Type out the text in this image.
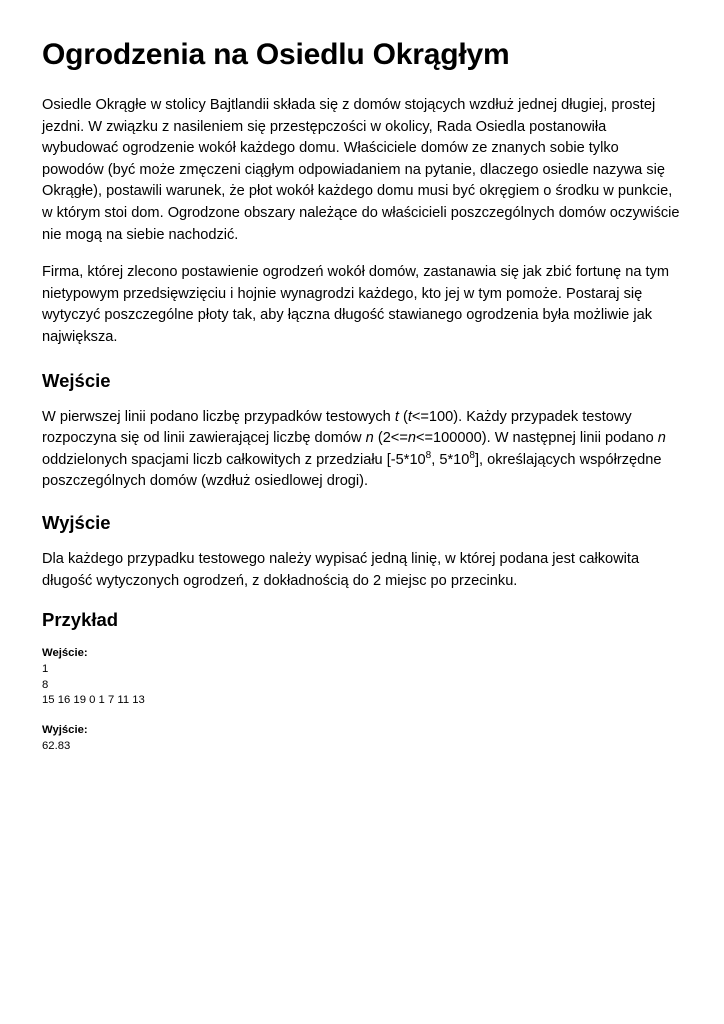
Ogrodzenia na Osiedlu Okrągłym

Osiedle Okrągłe w stolicy Bajtlandii składa się z domów stojących wzdłuż jednej długiej, prostej jezdni. W związku z nasileniem się przestępczości w okolicy, Rada Osiedla postanowiła wybudować ogrodzenie wokół każdego domu. Właściciele domów ze znanych sobie tylko powodów (być może zmęczeni ciągłym odpowiadaniem na pytanie, dlaczego osiedle nazywa się Okrągłe), postawili warunek, że płot wokół każdego domu musi być okręgiem o środku w punkcie, w którym stoi dom. Ogrodzone obszary należące do właścicieli poszczególnych domów oczywiście nie mogą na siebie nachodzić.

Firma, której zlecono postawienie ogrodzeń wokół domów, zastanawia się jak zbić fortunę na tym nietypowym przedsięwzięciu i hojnie wynagrodzi każdego, kto jej w tym pomoże. Postaraj się wytyczyć poszczególne płoty tak, aby łączna długość stawianego ogrodzenia była możliwie jak największa.

Wejście

W pierwszej linii podano liczbę przypadków testowych t (t<=100). Każdy przypadek testowy rozpoczyna się od linii zawierającej liczbę domów n (2<=n<=100000). W następnej linii podano n oddzielonych spacjami liczb całkowitych z przedziału [$-5*10^8$, $5*10^8$], określających współrzędne poszczególnych domów (wzdłuż osiedlowej drogi).

Wyjście

Dla każdego przypadku testowego należy wypisać jedną linię, w której podana jest całkowita długość wytyczonych ogrodzeń, z dokładnością do 2 miejsc po przecinku.

Przykład
Wejście:
1
8
15 16 19 0 1 7 11 13
Wyjście:
62.83
